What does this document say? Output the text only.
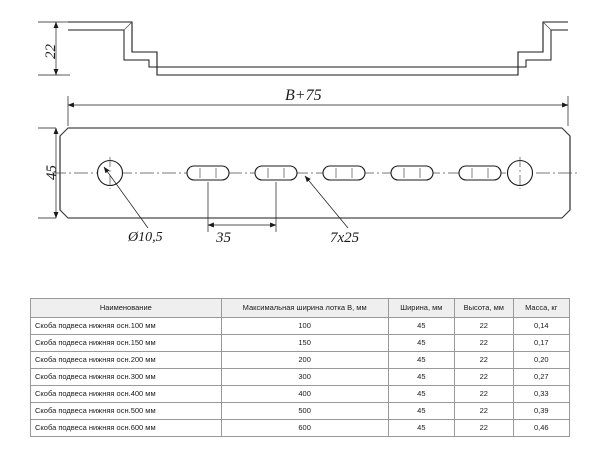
22
45
B+75
Ø10,5	35	7x25
Наименование	Максимальная ширина лотка B, мм	Ширина, мм	Высота, мм	Масса, кг
Скоба подвеса нижняя осн.100 мм	100	45	22	0,14
Скоба подвеса нижняя осн.150 мм	150	45	22	0,17
Скоба подвеса нижняя осн.200 мм	200	45	22	0,20
Скоба подвеса нижняя осн.300 мм	300	45	22	0,27
Скоба подвеса нижняя осн.400 мм	400	45	22	0,33
Скоба подвеса нижняя осн.500 мм	500	45	22	0,39
Скоба подвеса нижняя осн.600 мм	600	45	22	0,46
